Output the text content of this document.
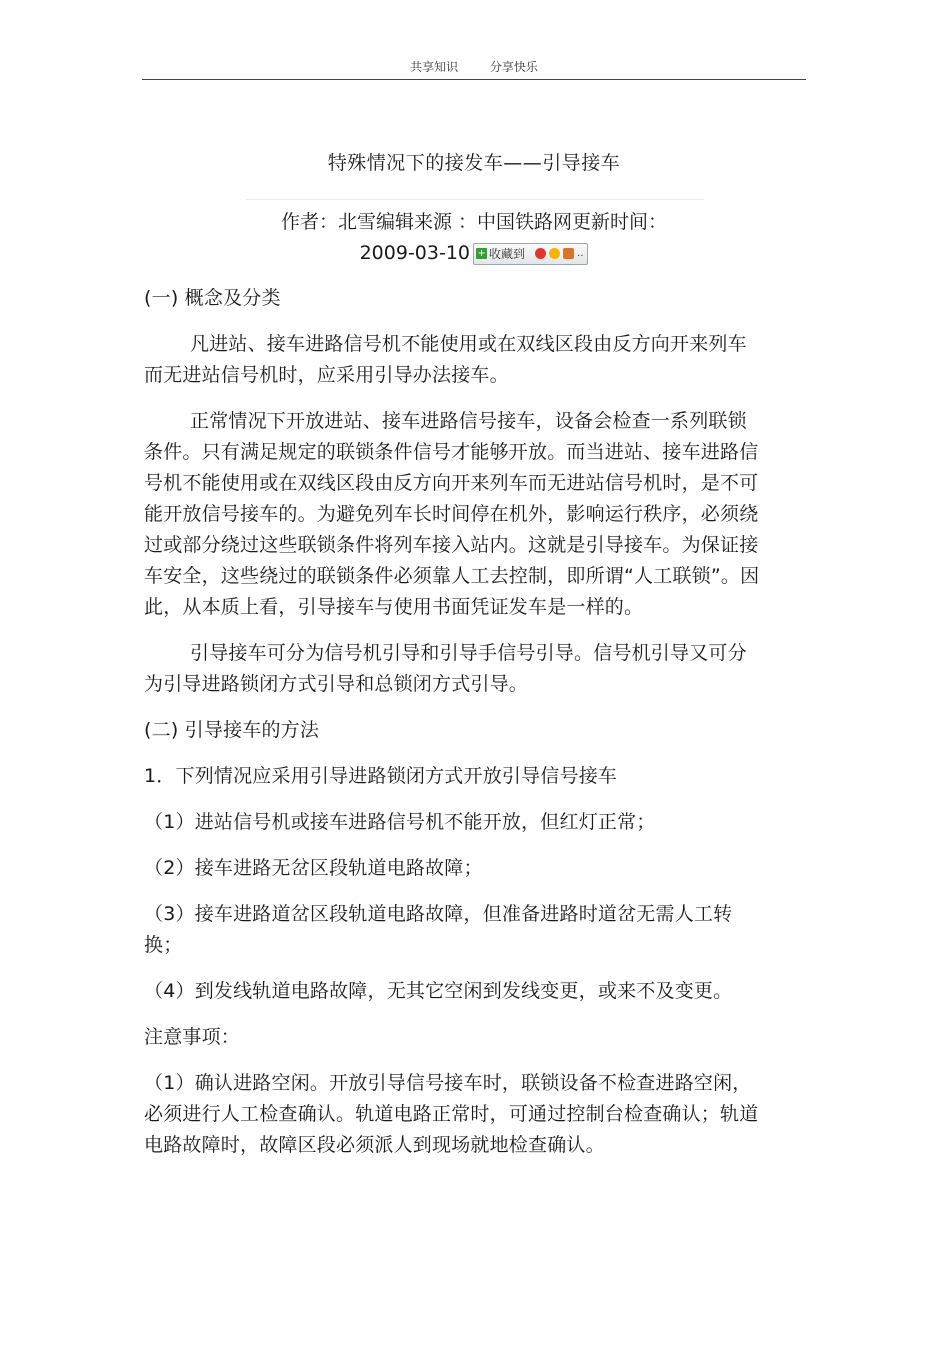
共享知识	分享快乐
特殊情况下的接发车——引导接车
作者：北雪编辑来源 ：中国铁路网更新时间：
2009-03-10 + 收藏到	..

(一) 概念及分类

凡进站、接车进路信号机不能使用或在双线区段由反方向开来列车而无进站信号机时，应采用引导办法接车。

正常情况下开放进站、接车进路信号接车，设备会检查一系列联锁条件。只有满足规定的联锁条件信号才能够开放。而当进站、接车进路信号机不能使用或在双线区段由反方向开来列车而无进站信号机时，是不可能开放信号接车的。为避免列车长时间停在机外，影响运行秩序，必须绕过或部分绕过这些联锁条件将列车接入站内。这就是引导接车。为保证接车安全，这些绕过的联锁条件必须靠人工去控制，即所谓“人工联锁”。因此，从本质上看，引导接车与使用书面凭证发车是一样的。

引导接车可分为信号机引导和引导手信号引导。信号机引导又可分为引导进路锁闭方式引导和总锁闭方式引导。

(二) 引导接车的方法

1．下列情况应采用引导进路锁闭方式开放引导信号接车

（1）进站信号机或接车进路信号机不能开放，但红灯正常；

（2）接车进路无岔区段轨道电路故障；

（3）接车进路道岔区段轨道电路故障，但准备进路时道岔无需人工转换；

（4）到发线轨道电路故障，无其它空闲到发线变更，或来不及变更。

注意事项：

（1）确认进路空闲。开放引导信号接车时，联锁设备不检查进路空闲，必须进行人工检查确认。轨道电路正常时，可通过控制台检查确认；轨道电路故障时，故障区段必须派人到现场就地检查确认。
